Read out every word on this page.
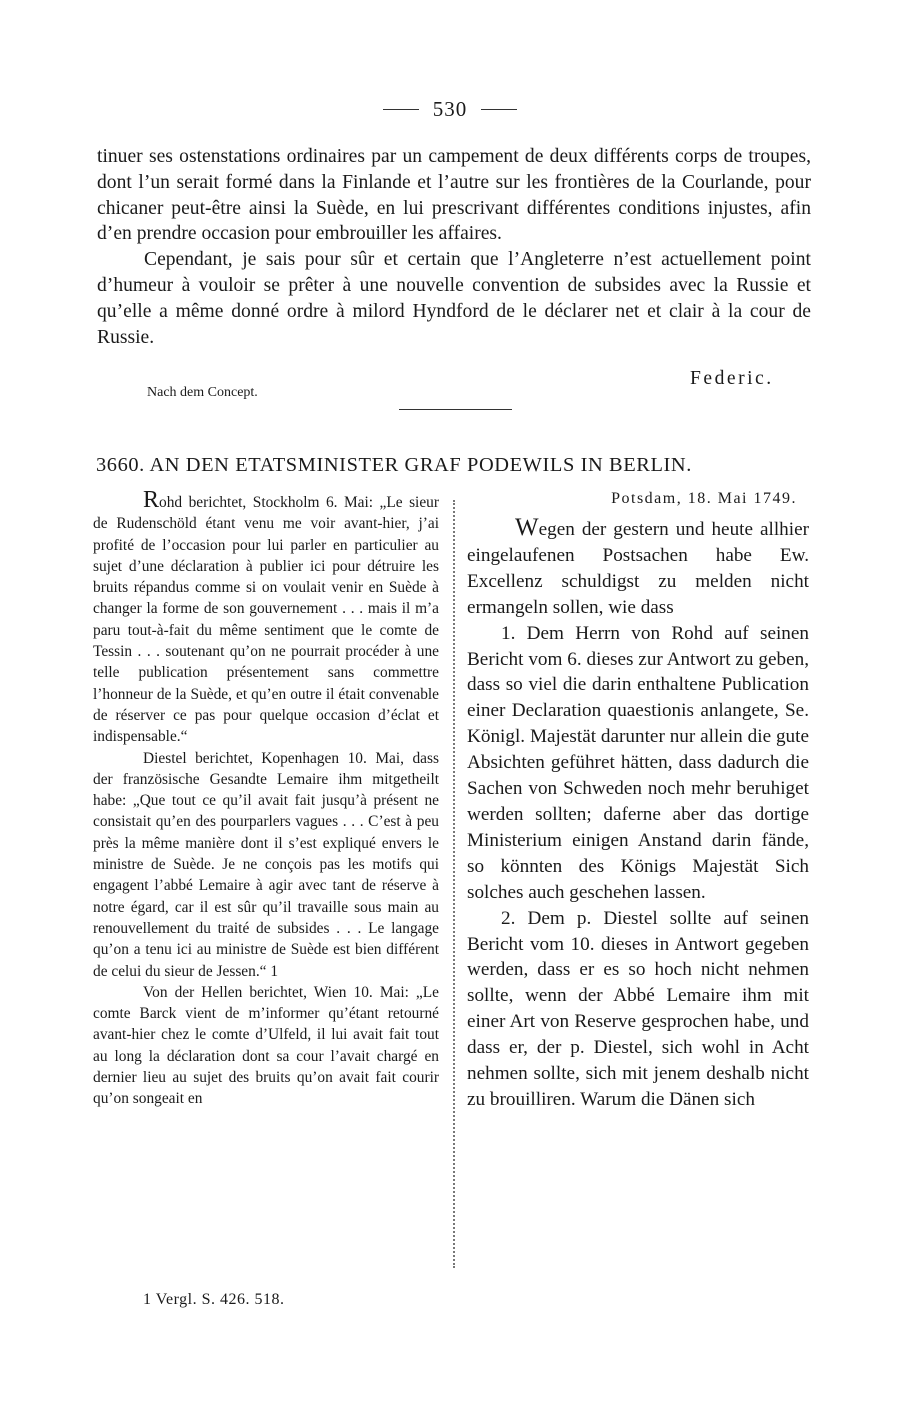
530

tinuer ses ostenstations ordinaires par un campement de deux différents corps de troupes, dont l’un serait formé dans la Finlande et l’autre sur les frontières de la Courlande, pour chicaner peut-être ainsi la Suède, en lui prescrivant différentes conditions injustes, afin d’en prendre occasion pour embrouiller les affaires.

Cependant, je sais pour sûr et certain que l’Angleterre n’est actuellement point d’humeur à vouloir se prêter à une nouvelle convention de subsides avec la Russie et qu’elle a même donné ordre à milord Hyndford de le déclarer net et clair à la cour de Russie.

Federic.
Nach dem Concept.
3660. AN DEN ETATSMINISTER GRAF PODEWILS IN BERLIN.

Rohd berichtet, Stockholm 6. Mai: „Le sieur de Rudenschöld étant venu me voir avant-hier, j’ai profité de l’occasion pour lui parler en particulier au sujet d’une déclaration à publier ici pour détruire les bruits répandus comme si on voulait venir en Suède à changer la forme de son gouvernement . . . mais il m’a paru tout-à-fait du même sentiment que le comte de Tessin . . . soutenant qu’on ne pourrait procéder à une telle publication présentement sans commettre l’honneur de la Suède, et qu’en outre il était convenable de réserver ce pas pour quelque occasion d’éclat et indispensable.“

Diestel berichtet, Kopenhagen 10. Mai, dass der französische Gesandte Lemaire ihm mitgetheilt habe: „Que tout ce qu’il avait fait jusqu’à présent ne consistait qu’en des pourparlers vagues . . . C’est à peu près la même manière dont il s’est expliqué envers le ministre de Suède. Je ne conçois pas les motifs qui engagent l’abbé Lemaire à agir avec tant de réserve à notre égard, car il est sûr qu’il travaille sous main au renouvellement du traité de subsides . . . Le langage qu’on a tenu ici au ministre de Suède est bien différent de celui du sieur de Jessen.“ 1

Von der Hellen berichtet, Wien 10. Mai: „Le comte Barck vient de m’informer qu’étant retourné avant-hier chez le comte d’Ulfeld, il lui avait fait tout au long la déclaration dont sa cour l’avait chargé en dernier lieu au sujet des bruits qu’on avait fait courir qu’on songeait en

Potsdam, 18. Mai 1749.

Wegen der gestern und heute allhier eingelaufenen Postsachen habe Ew. Excellenz schuldigst zu melden nicht ermangeln sollen, wie dass

1. Dem Herrn von Rohd auf seinen Bericht vom 6. dieses zur Antwort zu geben, dass so viel die darin enthaltene Publication einer Declaration quaestionis anlangete, Se. Königl. Majestät darunter nur allein die gute Absichten geführet hätten, dass dadurch die Sachen von Schweden noch mehr beruhiget werden sollten; daferne aber das dortige Ministerium einigen Anstand darin fände, so könnten des Königs Majestät Sich solches auch geschehen lassen.

2. Dem p. Diestel sollte auf seinen Bericht vom 10. dieses in Antwort gegeben werden, dass er es so hoch nicht nehmen sollte, wenn der Abbé Lemaire ihm mit einer Art von Reserve gesprochen habe, und dass er, der p. Diestel, sich wohl in Acht nehmen sollte, sich mit jenem deshalb nicht zu brouilliren. Warum die Dänen sich

1 Vergl. S. 426. 518.
